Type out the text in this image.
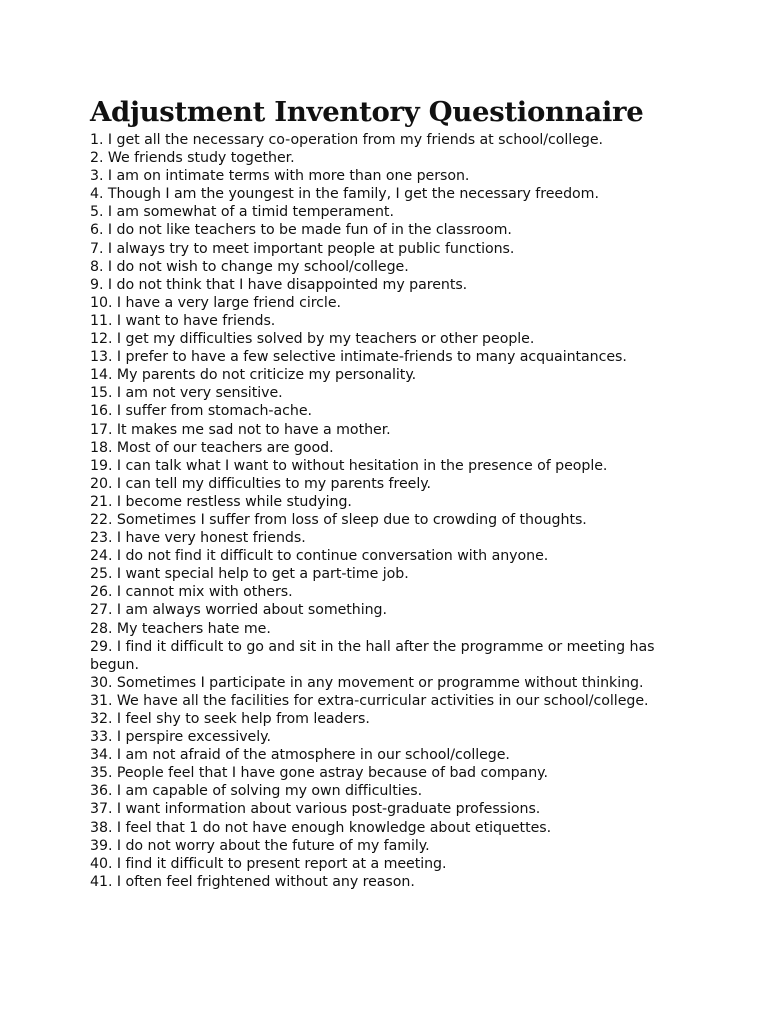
Adjustment Inventory Questionnaire
1. I get all the necessary co-operation from my friends at school/college.
2. We friends study together.
3. I am on intimate terms with more than one person.
4. Though I am the youngest in the family, I get the necessary freedom.
5. I am somewhat of a timid temperament.
6. I do not like teachers to be made fun of in the classroom.
7. I always try to meet important people at public functions.
8. I do not wish to change my school/college.
9. I do not think that I have disappointed my parents.
10. I have a very large friend circle.
11. I want to have friends.
12. I get my difficulties solved by my teachers or other people.
13. I prefer to have a few selective intimate-friends to many acquaintances.
14. My parents do not criticize my personality.
15. I am not very sensitive.
16. I suffer from stomach-ache.
17. It makes me sad not to have a mother.
18. Most of our teachers are good.
19. I can talk what I want to without hesitation in the presence of people.
20. I can tell my difficulties to my parents freely.
21. I become restless while studying.
22. Sometimes I suffer from loss of sleep due to crowding of thoughts.
23. I have very honest friends.
24. I do not find it difficult to continue conversation with anyone.
25. I want special help to get a part-time job.
26. I cannot mix with others.
27. I am always worried about something.
28. My teachers hate me.
29. I find it difficult to go and sit in the hall after the programme or meeting has begun.
30. Sometimes I participate in any movement or programme without thinking.
31. We have all the facilities for extra-curricular activities in our school/college.
32. I feel shy to seek help from leaders.
33. I perspire excessively.
34. I am not afraid of the atmosphere in our school/college.
35. People feel that I have gone astray because of bad company.
36. I am capable of solving my own difficulties.
37. I want information about various post-graduate professions.
38. I feel that 1 do not have enough knowledge about etiquettes.
39. I do not worry about the future of my family.
40. I find it difficult to present report at a meeting.
41. I often feel frightened without any reason.
